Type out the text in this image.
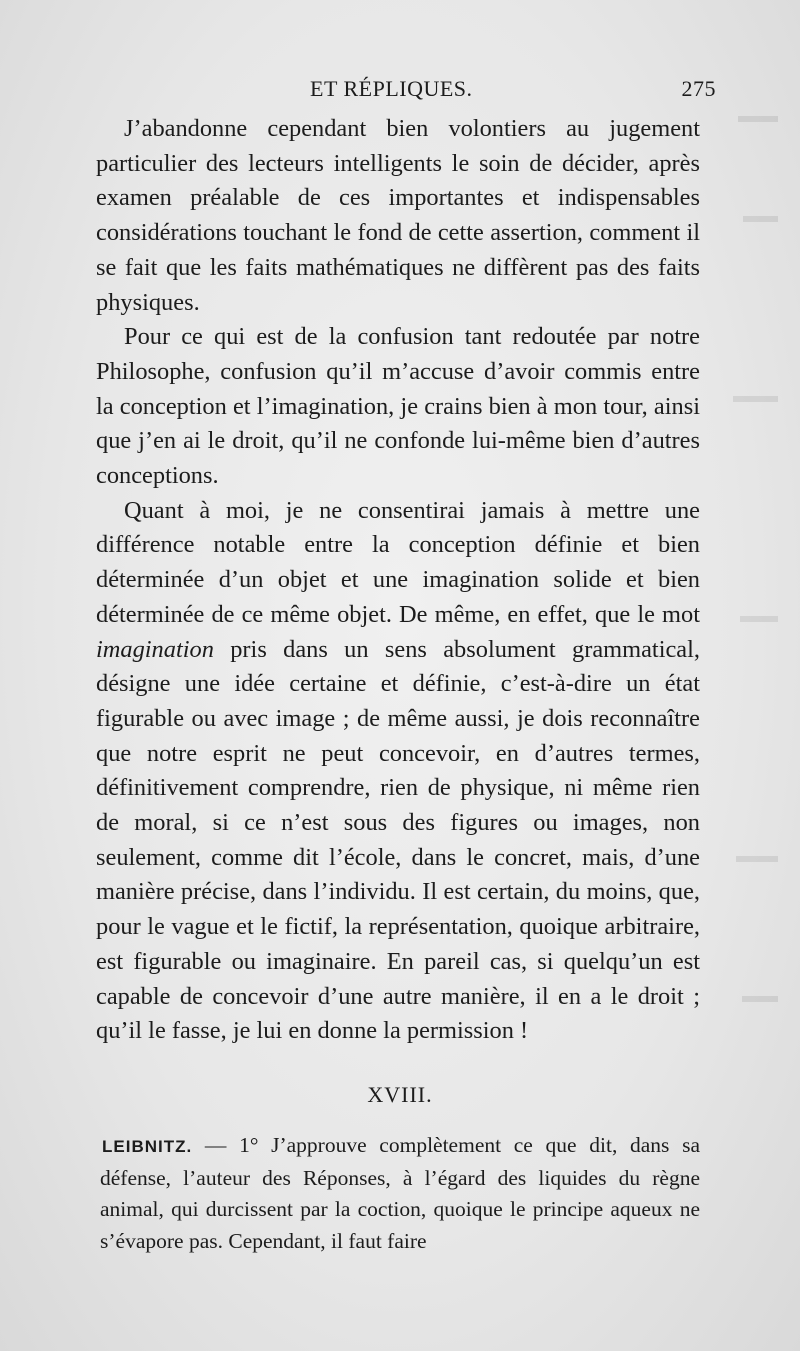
ET RÉPLIQUES.	275

J’abandonne cependant bien volontiers au jugement particulier des lecteurs intelligents le soin de décider, après examen préalable de ces importantes et indispensables considérations touchant le fond de cette assertion, comment il se fait que les faits mathématiques ne diffèrent pas des faits physiques.

Pour ce qui est de la confusion tant redoutée par notre Philosophe, confusion qu’il m’accuse d’avoir commis entre la conception et l’imagination, je crains bien à mon tour, ainsi que j’en ai le droit, qu’il ne confonde lui-même bien d’autres conceptions.

Quant à moi, je ne consentirai jamais à mettre une différence notable entre la conception définie et bien déterminée d’un objet et une imagination solide et bien déterminée de ce même objet. De même, en effet, que le mot imagination pris dans un sens absolument grammatical, désigne une idée certaine et définie, c’est-à-dire un état figurable ou avec image ; de même aussi, je dois reconnaître que notre esprit ne peut concevoir, en d’autres termes, définitivement comprendre, rien de physique, ni même rien de moral, si ce n’est sous des figures ou images, non seulement, comme dit l’école, dans le concret, mais, d’une manière précise, dans l’individu. Il est certain, du moins, que, pour le vague et le fictif, la représentation, quoique arbitraire, est figurable ou imaginaire. En pareil cas, si quelqu’un est capable de concevoir d’une autre manière, il en a le droit ; qu’il le fasse, je lui en donne la permission !

XVIII.

LEIBNITZ. — 1° J’approuve complètement ce que dit, dans sa défense, l’auteur des Réponses, à l’égard des liquides du règne animal, qui durcissent par la coction, quoique le principe aqueux ne s’évapore pas. Cependant, il faut faire
